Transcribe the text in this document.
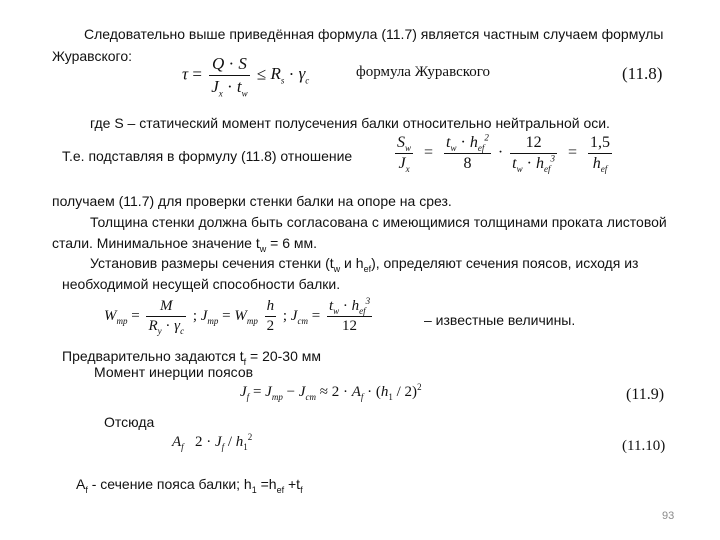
Следовательно выше приведённая формула (11.7) является частным случаем формулы
Журавского:
$\tau = \frac{Q \cdot S}{J_x \cdot t_w} \le R_s \cdot \gamma_c$
формула Журавского	(11.8)
где S – статический момент полусечения балки относительно нейтральной оси.
Т.е. подставляя в формулу (11.8) отношение	$\frac{S_w}{J_x} = \frac{t_w \cdot h_{ef}^2}{8} \cdot \frac{12}{t_w \cdot h_{ef}^3} = \frac{1,5}{h_{ef}}$
получаем (11.7) для проверки стенки балки на опоре на срез.
Толщина стенки должна быть согласована с имеющимися толщинами проката листовой
стали. Минимальное значение $t_w = 6$ мм.
Установив размеры сечения стенки ($t_w$ и $h_{ef}$), определяют сечения поясов, исходя из
необходимой несущей способности балки.
$W_{mp} = \frac{M}{R_y \cdot \gamma_c}$ ; $J_{mp} = W_{mp} \frac{h}{2}$ ; $J_{cm} = \frac{t_w \cdot h_{ef}^3}{12}$	– известные величины.
Предварительно задаются $t_f = 20-30$ мм
Момент инерции поясов
$J_f = J_{mp} - J_{cm} \approx 2 \cdot A_f \cdot (h_1 / 2)^2$	(11.9)
Отсюда
$A_f$   $2 \cdot J_f / h_1^2$
(11.10)
$A_f$ - сечение пояса балки; $h_1 =h_{ef} +t_f$
93
